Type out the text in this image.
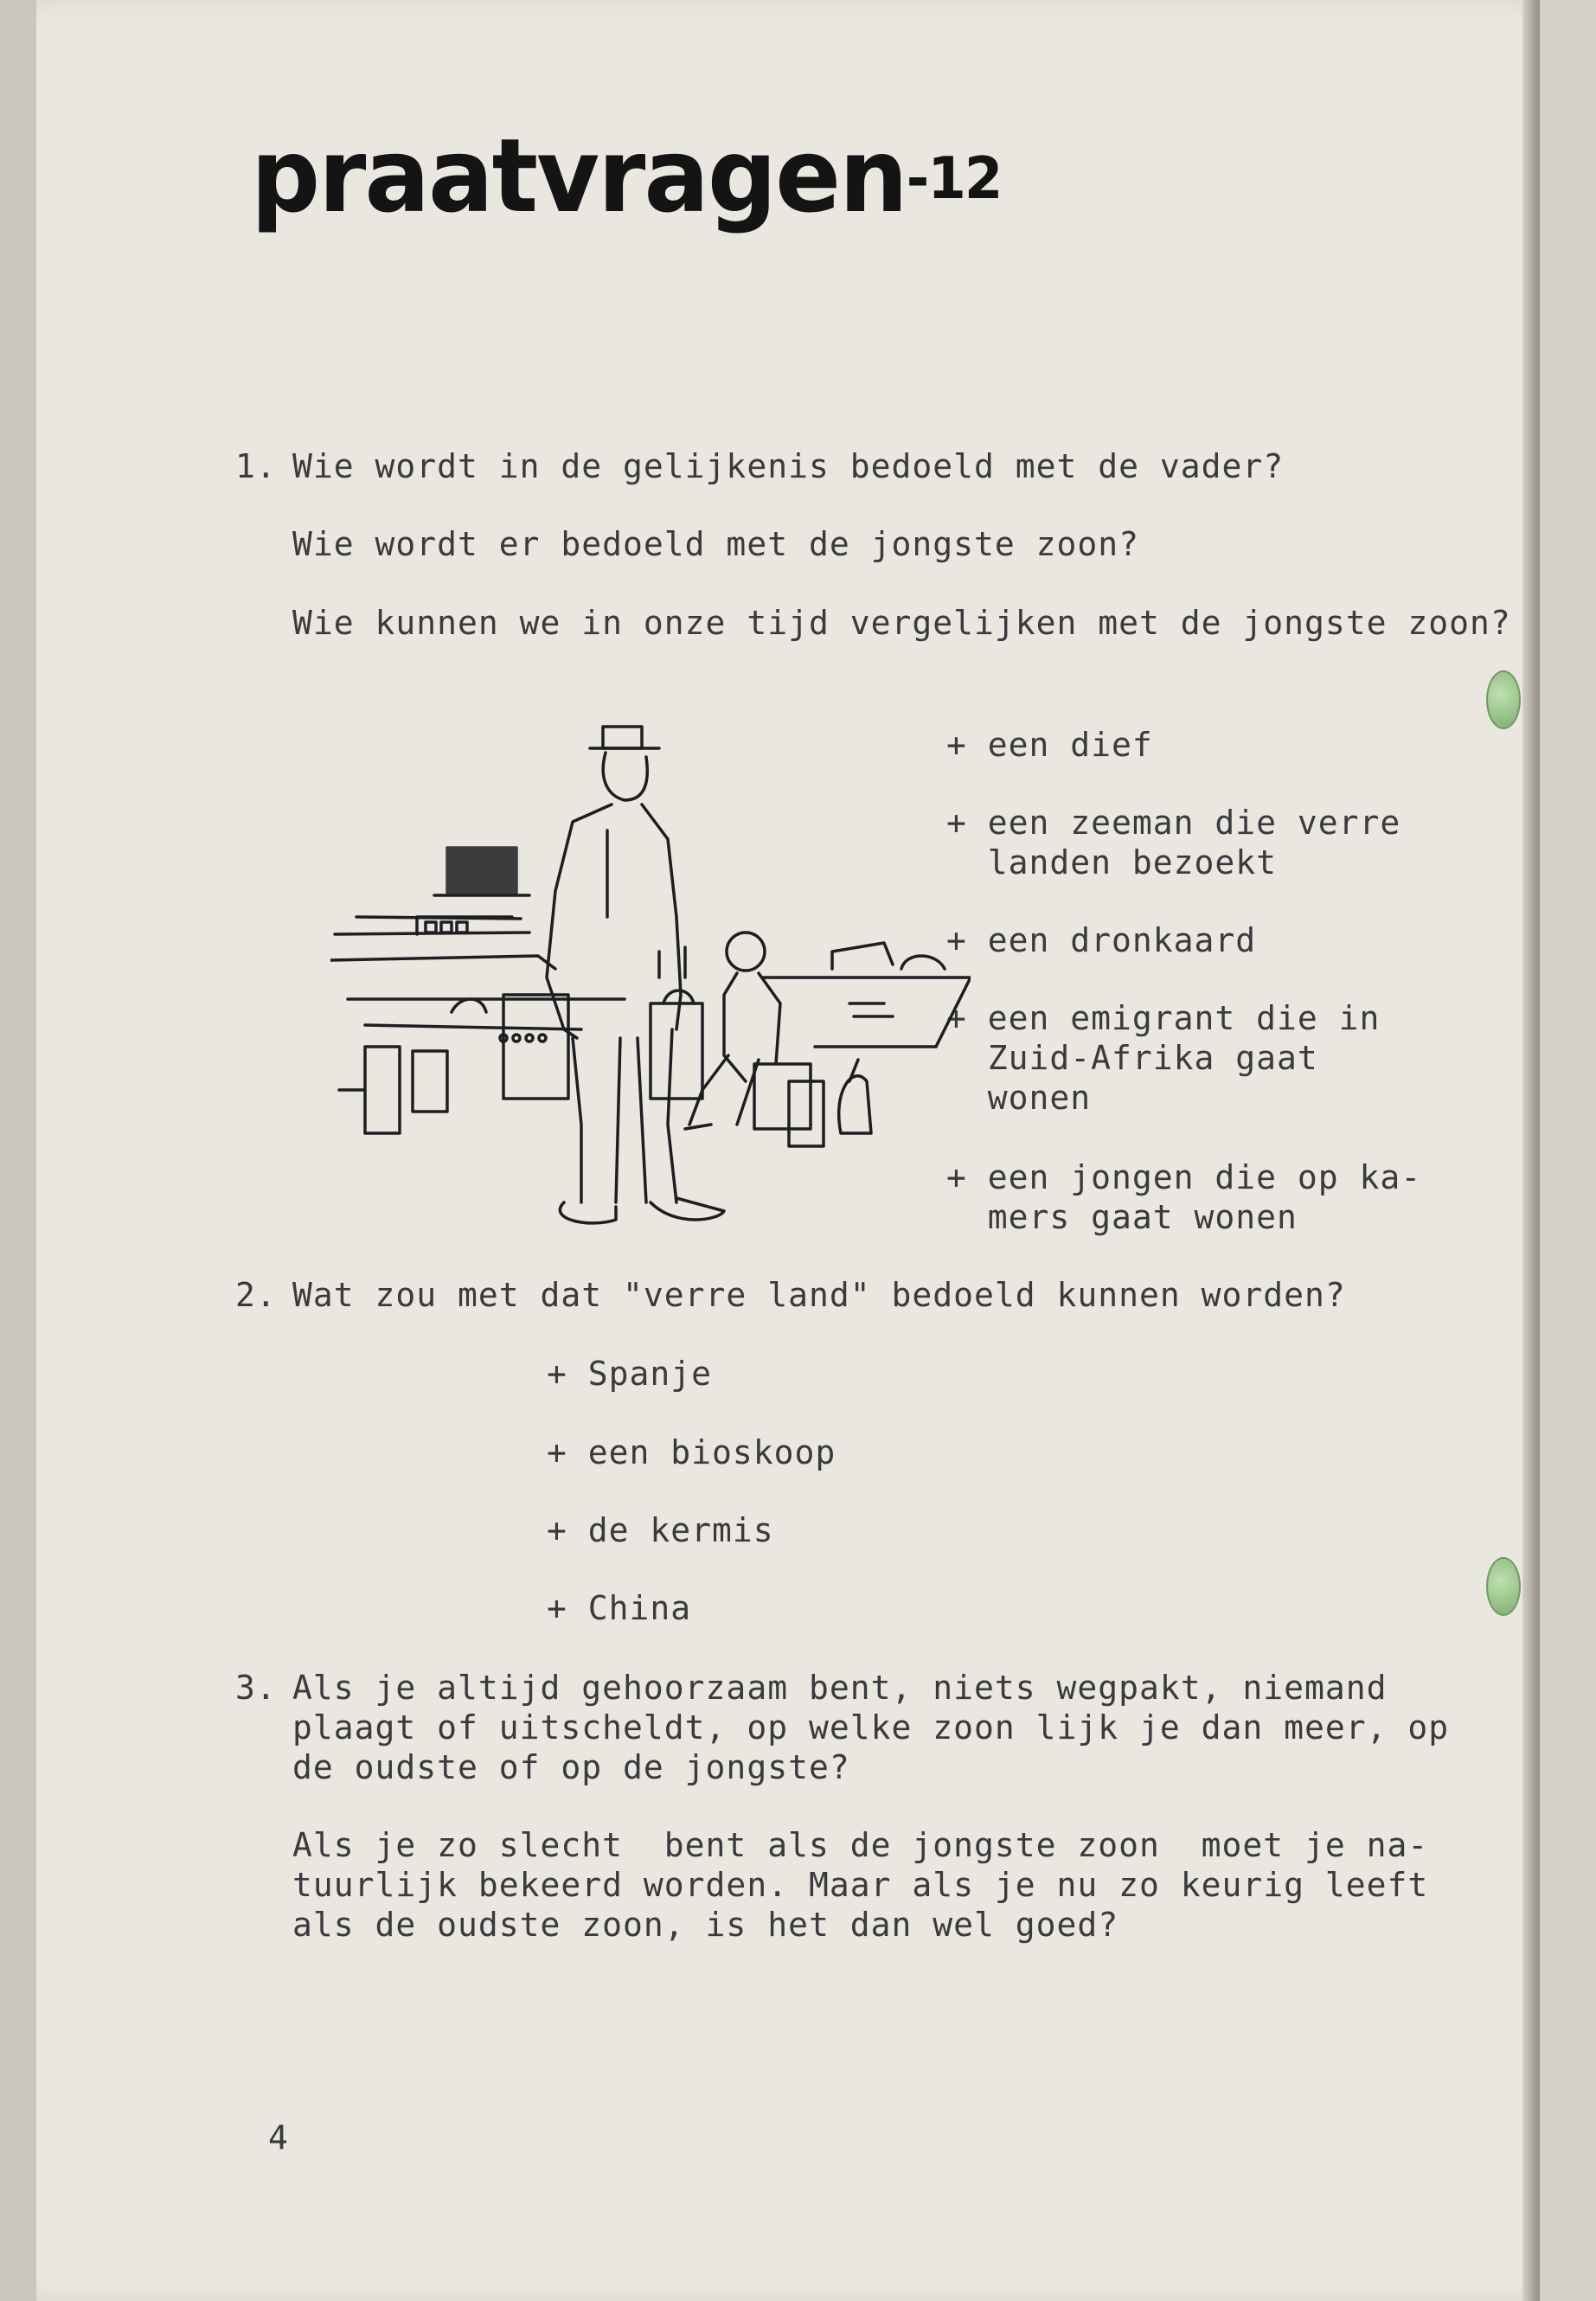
praatvragen-12
1. Wie wordt in de gelijkenis bedoeld met de vader?
Wie wordt er bedoeld met de jongste zoon?
Wie kunnen we in onze tijd vergelijken met de jongste zoon?
+ een dief
+ een zeeman die verre
landen bezoekt
+ een dronkaard
+ een emigrant die in
Zuid-Afrika gaat
wonen
+ een jongen die op ka-
mers gaat wonen
2. Wat zou met dat "verre land" bedoeld kunnen worden?
+ Spanje
+ een bioskoop
+ de kermis
+ China
3. Als je altijd gehoorzaam bent, niets wegpakt, niemand
plaagt of uitscheldt, op welke zoon lijk je dan meer, op
de oudste of op de jongste?
Als je zo slecht  bent als de jongste zoon  moet je na-
tuurlijk bekeerd worden. Maar als je nu zo keurig leeft
als de oudste zoon, is het dan wel goed?
4
